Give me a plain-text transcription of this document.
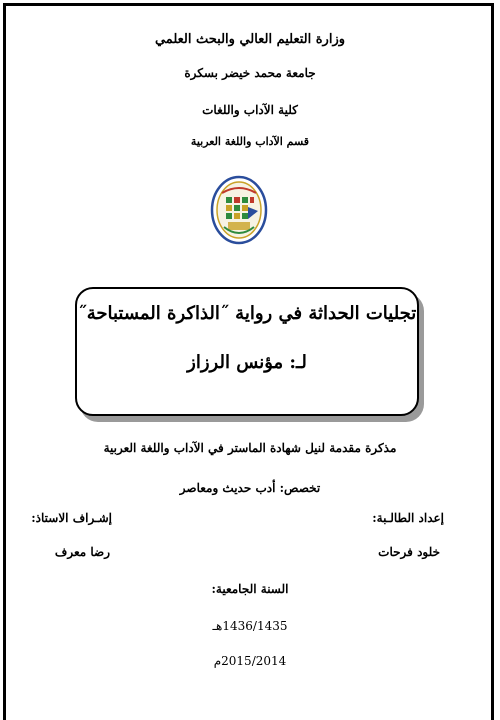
وزارة التعليم العالي والبحث العلمي
جامعة محمد خيضر بسكرة
كلية الآداب واللغات
قسم الآداب واللغة العربية
تجليات الحداثة في رواية ˝الذاكرة المستباحة˝
لـ: مؤنس الرزاز
مذكرة مقدمة لنيل شهادة الماستر في الآداب واللغة العربية
تخصص: أدب حديث ومعاصر
إعداد الطالـبة:
إشـراف الاستاذ:
خلود فرحات
رضا معرف
السنة الجامعية:
1436/1435هـ
2015/2014م
